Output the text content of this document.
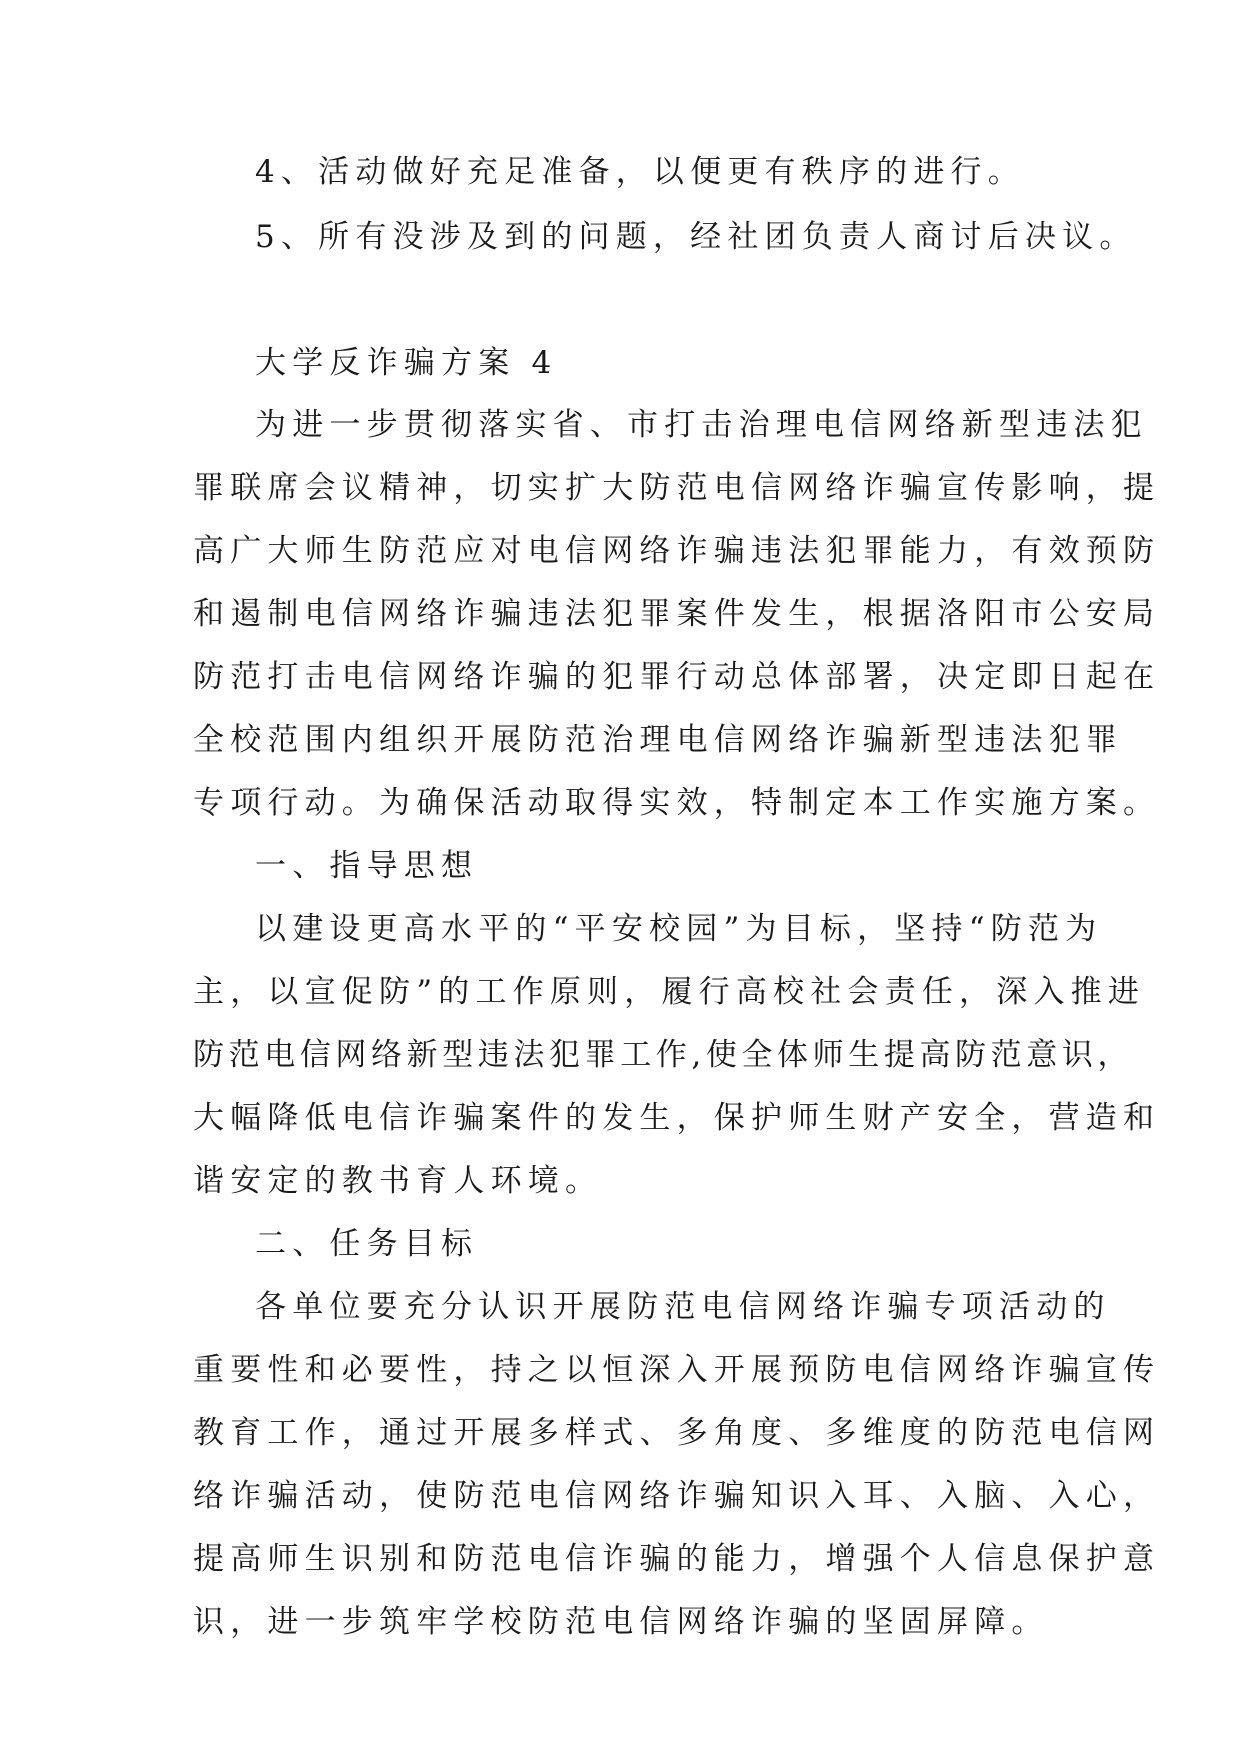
4、活动做好充足准备，以便更有秩序的进行。

5、所有没涉及到的问题，经社团负责人商讨后决议。

大学反诈骗方案 4

为进一步贯彻落实省、市打击治理电信网络新型违法犯

罪联席会议精神，切实扩大防范电信网络诈骗宣传影响，提

高广大师生防范应对电信网络诈骗违法犯罪能力，有效预防

和遏制电信网络诈骗违法犯罪案件发生，根据洛阳市公安局

防范打击电信网络诈骗的犯罪行动总体部署，决定即日起在

全校范围内组织开展防范治理电信网络诈骗新型违法犯罪

专项行动。为确保活动取得实效，特制定本工作实施方案。

一、指导思想

以建设更高水平的“平安校园”为目标，坚持“防范为

主，以宣促防”的工作原则，履行高校社会责任，深入推进

防范电信网络新型违法犯罪工作,使全体师生提高防范意识，

大幅降低电信诈骗案件的发生，保护师生财产安全，营造和

谐安定的教书育人环境。

二、任务目标

各单位要充分认识开展防范电信网络诈骗专项活动的

重要性和必要性，持之以恒深入开展预防电信网络诈骗宣传

教育工作，通过开展多样式、多角度、多维度的防范电信网

络诈骗活动，使防范电信网络诈骗知识入耳、入脑、入心，

提高师生识别和防范电信诈骗的能力，增强个人信息保护意

识，进一步筑牢学校防范电信网络诈骗的坚固屏障。
